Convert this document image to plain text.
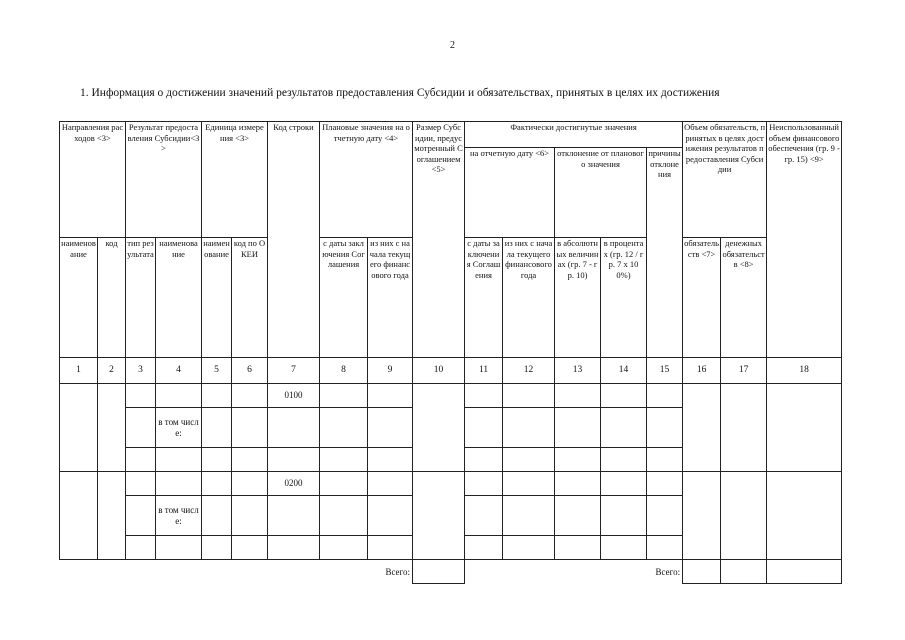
2
1. Информация о достижении значений результатов предоставления Субсидии и обязательствах, принятых в целях их достижения
Направления расходов <3>		Результат предоставления Субсидии<3>		Единица измерения <3>		Код строки	Плановые значения на отчетную дату <4>		Размер Субсидии, предусмотренный Соглашением <5>	Фактически достигнутые значения					Объем обязательств, принятых в целях достижения результатов предоставления Субсидии		Неиспользованный объем финансового обеспечения (гр. 9 - гр. 15) <9>
										на отчетную дату <6>		отклонение от планового значения		причины отклонения			
наименование	код	тип результата	наименование	наименование	код по ОКЕИ		с даты заключения Соглашения	из них с начала текущего финансового года		с даты заключения Соглашения	из них с начала текущего финансового года	в абсолютных величинах (гр. 7 - гр. 10)	в процентах (гр. 12 / гр. 7 x 100%)		обязательств <7>	денежных обязательств <8>	
1	2	3	4	5	6	7	8	9	10	11	12	13	14	15	16	17	18
						0100											
			в том числе:														

						0200											
			в том числе:														

Всего:										Всего:							
